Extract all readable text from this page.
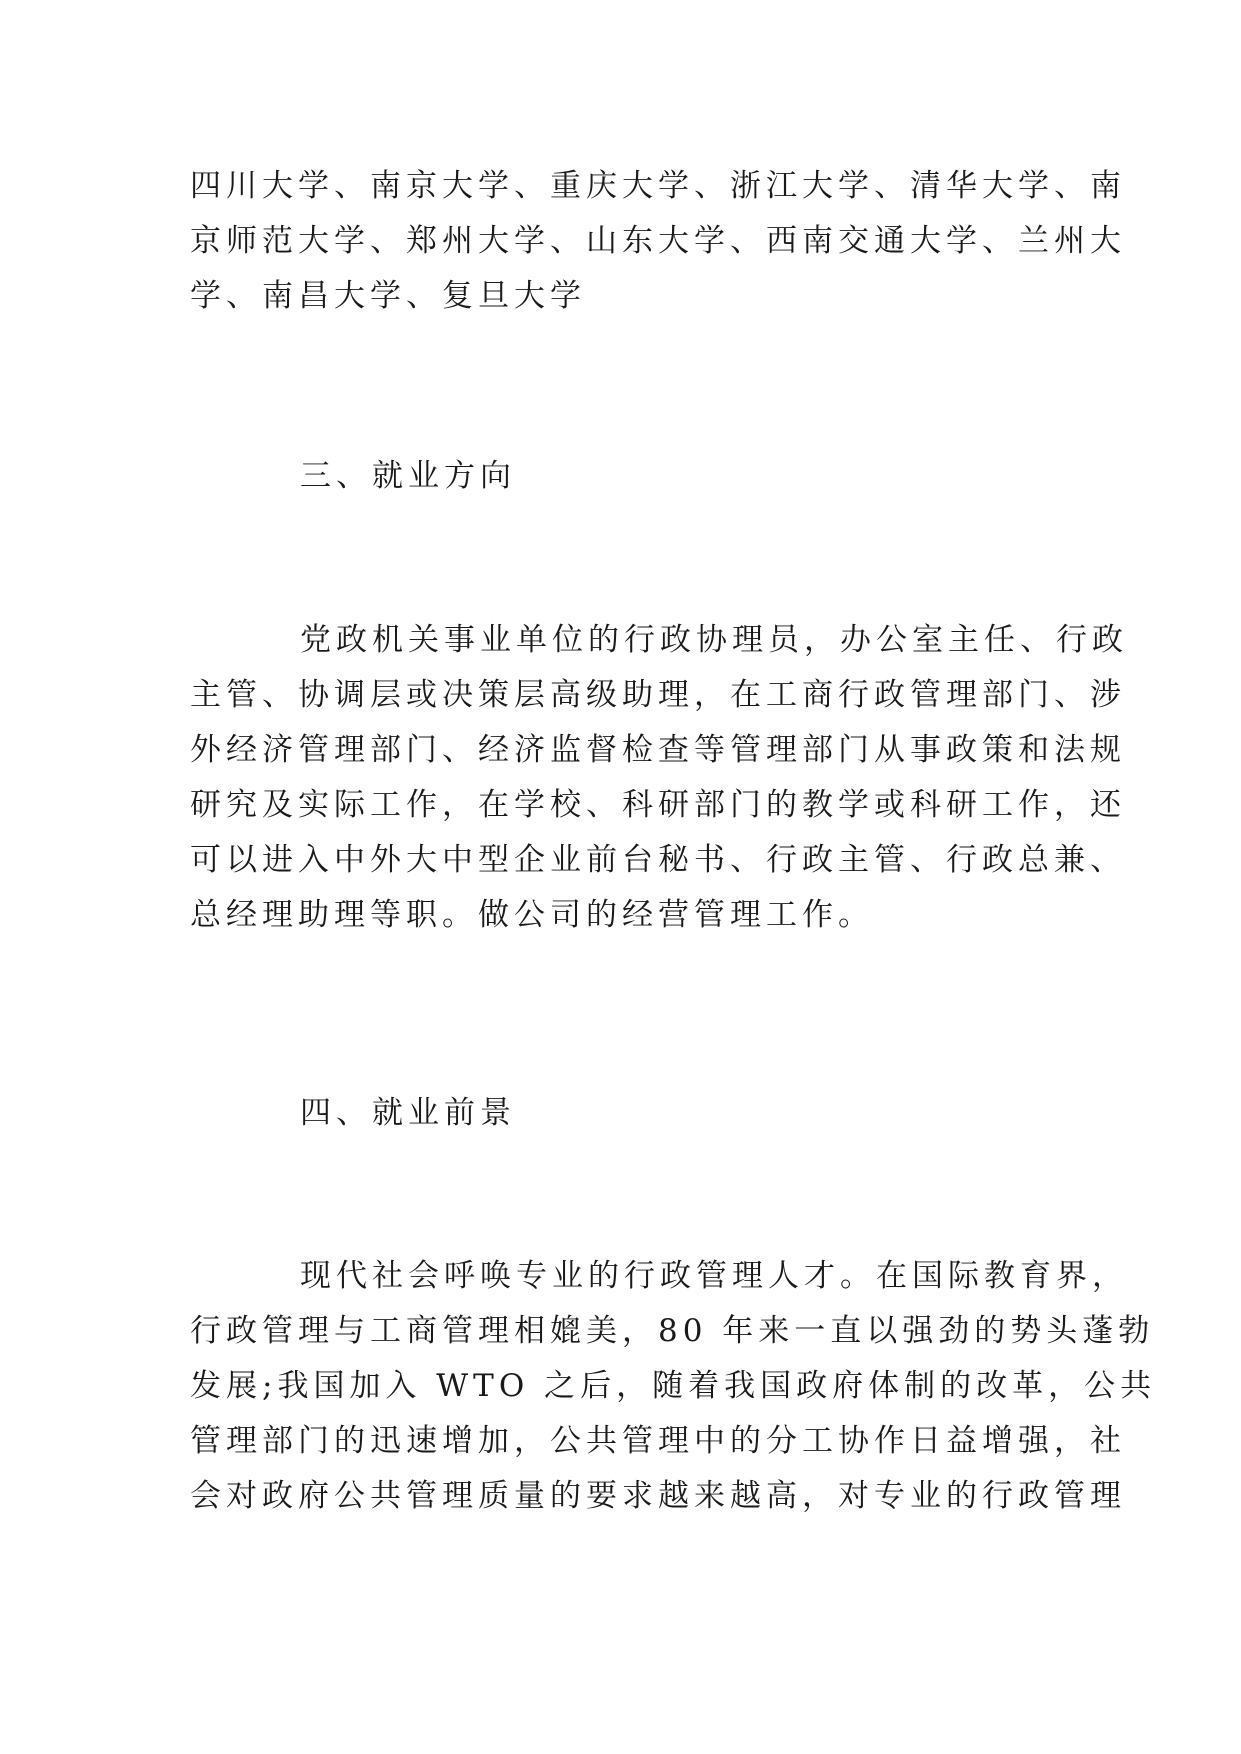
四川大学、南京大学、重庆大学、浙江大学、清华大学、南
京师范大学、郑州大学、山东大学、西南交通大学、兰州大
学、南昌大学、复旦大学
三、就业方向
党政机关事业单位的行政协理员，办公室主任、行政
主管、协调层或决策层高级助理，在工商行政管理部门、涉
外经济管理部门、经济监督检查等管理部门从事政策和法规
研究及实际工作，在学校、科研部门的教学或科研工作，还
可以进入中外大中型企业前台秘书、行政主管、行政总兼、
总经理助理等职。做公司的经营管理工作。
四、就业前景
现代社会呼唤专业的行政管理人才。在国际教育界，
行政管理与工商管理相媲美，80 年来一直以强劲的势头蓬勃
发展;我国加入 WTO 之后，随着我国政府体制的改革，公共
管理部门的迅速增加，公共管理中的分工协作日益增强，社
会对政府公共管理质量的要求越来越高，对专业的行政管理
